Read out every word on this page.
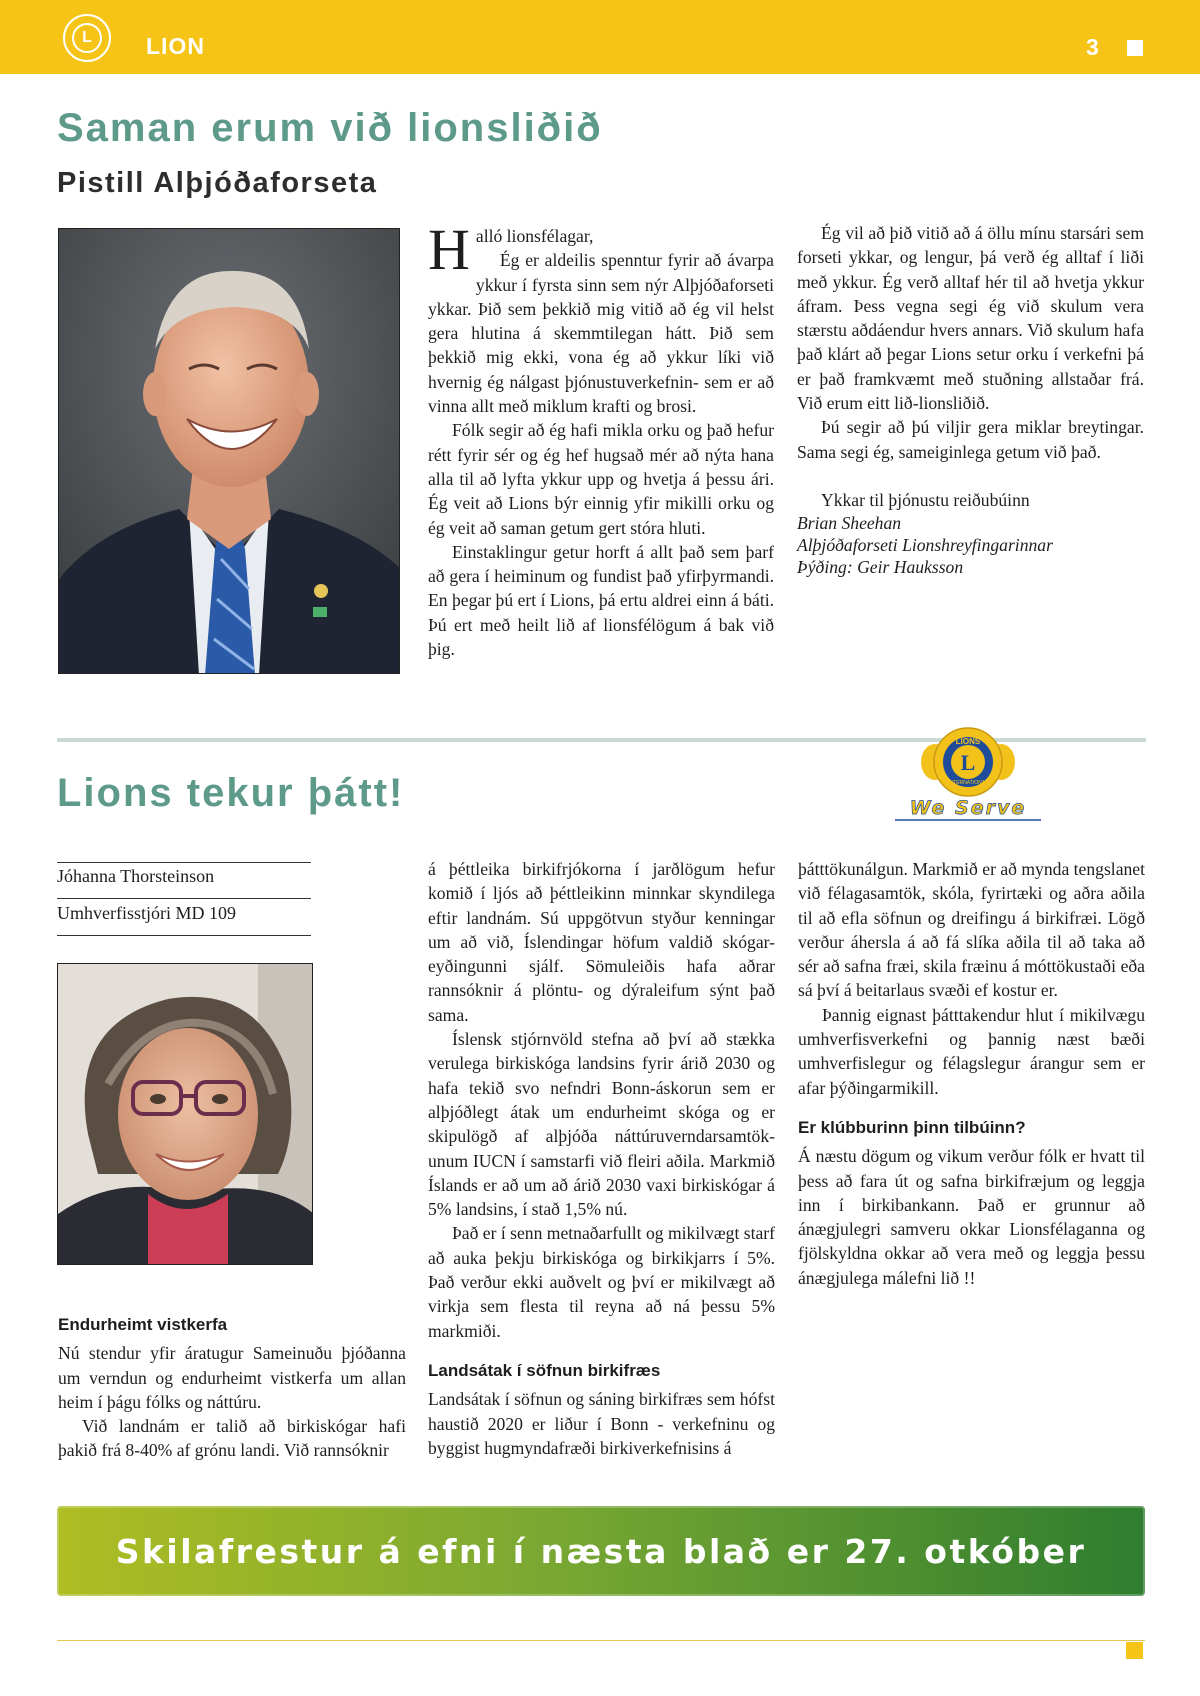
L	LION	3
Saman erum við lionsliðið
Pistill Alþjóðaforseta

Halló lionsfélagar,

Ég er aldeilis spenntur fyrir að ávarpa ykkur í fyrsta sinn sem nýr Alþjóðaforseti ykkar. Þið sem þekkið mig vitið að ég vil helst gera hlutina á skemmtilegan hátt. Þið sem þekkið mig ekki, vona ég að ykkur líki við hvernig ég nálgast þjónustuverkefnin- sem er að vinna allt með miklum krafti og brosi.

Fólk segir að ég hafi mikla orku og það hefur rétt fyrir sér og ég hef hugsað mér að nýta hana alla til að lyfta ykkur upp og hvetja á þessu ári. Ég veit að Lions býr einnig yfir mikilli orku og ég veit að saman getum gert stóra hluti.

Einstaklingur getur horft á allt það sem þarf að gera í heiminum og fundist það yfirþyrmandi. En þegar þú ert í Lions, þá ertu aldrei einn á báti. Þú ert með heilt lið af lionsfélögum á bak við þig.

Ég vil að þið vitið að á öllu mínu starsári sem forseti ykkar, og lengur, þá verð ég alltaf í liði með ykkur. Ég verð alltaf hér til að hvetja ykkur áfram. Þess vegna segi ég við skulum vera stærstu aðdáendur hvers annars. Við skulum hafa það klárt að þegar Lions setur orku í verkefni þá er það framkvæmt með stuðning allstaðar frá. Við erum eitt lið-lionsliðið.

Þú segir að þú viljir gera miklar breytingar. Sama segi ég, sameiginlega getum við það.

Ykkar til þjónustu reiðubúinn

Brian Sheehan

Alþjóðaforseti Lionshreyfingarinnar

Þýðing: Geir Hauksson

Lions tekur þátt!
L
LIONS
INTERNATIONAL
We Serve
Jóhanna Thorsteinson
Umhverfisstjóri MD 109
Endurheimt vistkerfa

Nú stendur yfir áratugur Sameinuðu þjóðanna um verndun og endurheimt vistkerfa um allan heim í þágu fólks og náttúru.

Við landnám er talið að birkiskógar hafi þakið frá 8-40% af grónu landi. Við rannsóknir

á þéttleika birkifrjókorna í jarðlögum hefur komið í ljós að þéttleikinn minnkar skyndilega eftir landnám. Sú uppgötvun styður kenningar um að við, Íslendingar höfum valdið skógar-eyðingunni sjálf. Sömuleiðis hafa aðrar rannsóknir á plöntu- og dýraleifum sýnt það sama.

Íslensk stjórnvöld stefna að því að stækka verulega birkiskóga landsins fyrir árið 2030 og hafa tekið svo nefndri Bonn-áskorun sem er alþjóðlegt átak um endurheimt skóga og er skipulögð af alþjóða náttúruverndarsamtök-unum IUCN í samstarfi við fleiri aðila. Markmið Íslands er að um að árið 2030 vaxi birkiskógar á 5% landsins, í stað 1,5% nú.

Það er í senn metnaðarfullt og mikilvægt starf að auka þekju birkiskóga og birkikjarrs í 5%. Það verður ekki auðvelt og því er mikilvægt að virkja sem flesta til reyna að ná þessu 5% markmiði.

Landsátak í söfnun birkifræs

Landsátak í söfnun og sáning birkifræs sem hófst haustið 2020 er liður í Bonn - verkefninu og byggist hugmyndafræði birkiverkefnisins á

þátttökunálgun. Markmið er að mynda tengslanet við félagasamtök, skóla, fyrirtæki og aðra aðila til að efla söfnun og dreifingu á birkifræi. Lögð verður áhersla á að fá slíka aðila til að taka að sér að safna fræi, skila fræinu á móttökustaði eða sá því á beitarlaus svæði ef kostur er.

Þannig eignast þátttakendur hlut í mikilvægu umhverfisverkefni og þannig næst bæði umhverfislegur og félagslegur árangur sem er afar þýðingarmikill.

Er klúbburinn þinn tilbúinn?

Á næstu dögum og vikum verður fólk er hvatt til þess að fara út og safna birkifræjum og leggja inn í birkibankann. Það er grunnur að ánægjulegri samveru okkar Lionsfélaganna og fjölskyldna okkar að vera með og leggja þessu ánægjulega málefni lið !!

Skilafrestur á efni í næsta blað er 27. otkóber
